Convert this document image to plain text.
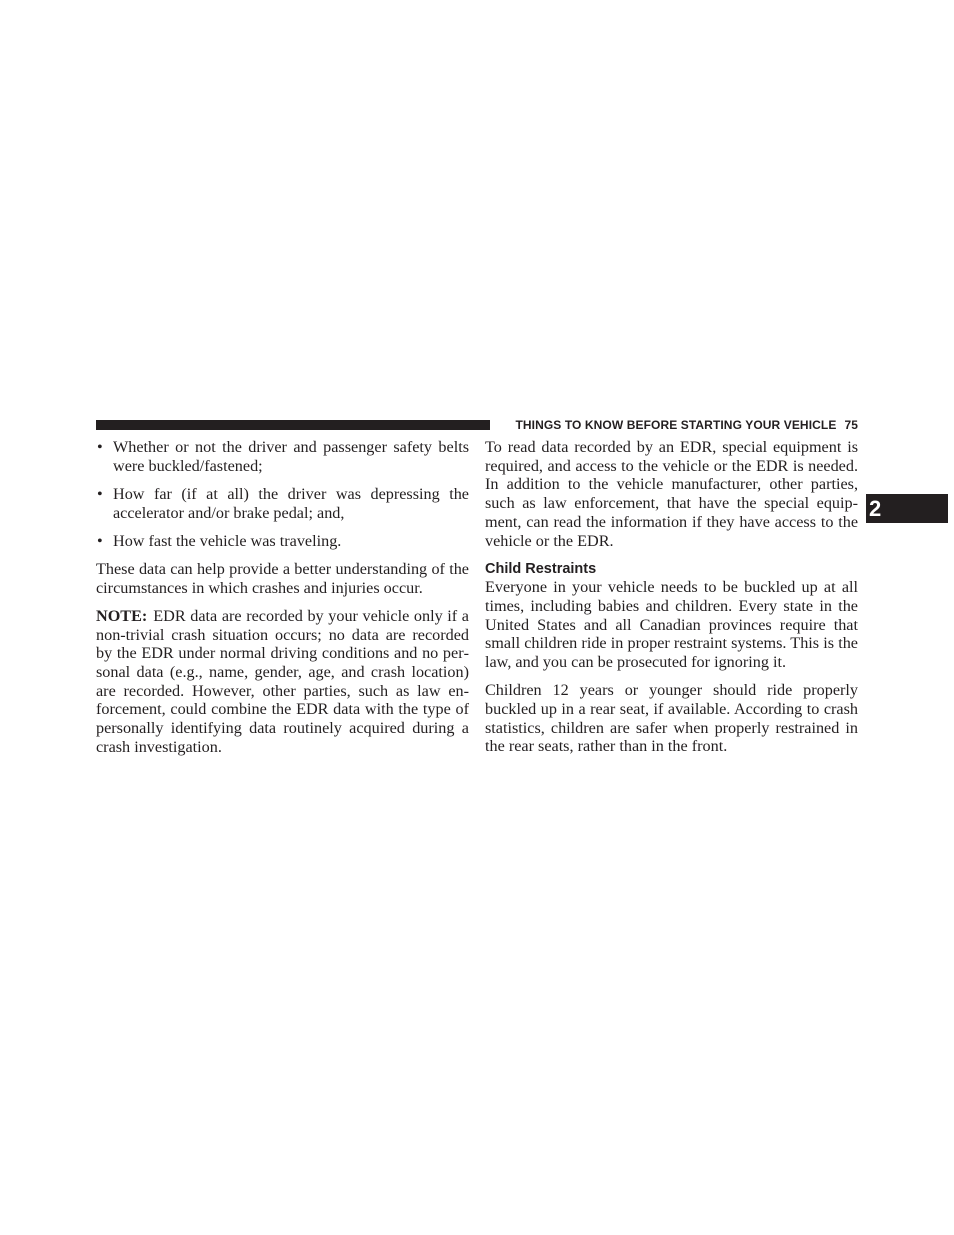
THINGS TO KNOW BEFORE STARTING YOUR VEHICLE 75
2
• Whether or not the driver and passenger safety belts were buckled/fastened;
• How far (if at all) the driver was depressing the accelerator and/or brake pedal; and,
• How fast the vehicle was traveling.

These data can help provide a better understanding of the circumstances in which crashes and injuries occur.

NOTE: EDR data are recorded by your vehicle only if a non-trivial crash situation occurs; no data are recorded by the EDR under normal driving conditions and no personal data (e.g., name, gender, age, and crash location) are recorded. However, other parties, such as law enforcement, could combine the EDR data with the type of personally identifying data routinely acquired during a crash investigation.

To read data recorded by an EDR, special equipment is required, and access to the vehicle or the EDR is needed. In addition to the vehicle manufacturer, other parties, such as law enforcement, that have the special equipment, can read the information if they have access to the vehicle or the EDR.

Child Restraints

Everyone in your vehicle needs to be buckled up at all times, including babies and children. Every state in the United States and all Canadian provinces require that small children ride in proper restraint systems. This is the law, and you can be prosecuted for ignoring it.

Children 12 years or younger should ride properly buckled up in a rear seat, if available. According to crash statistics, children are safer when properly restrained in the rear seats, rather than in the front.
